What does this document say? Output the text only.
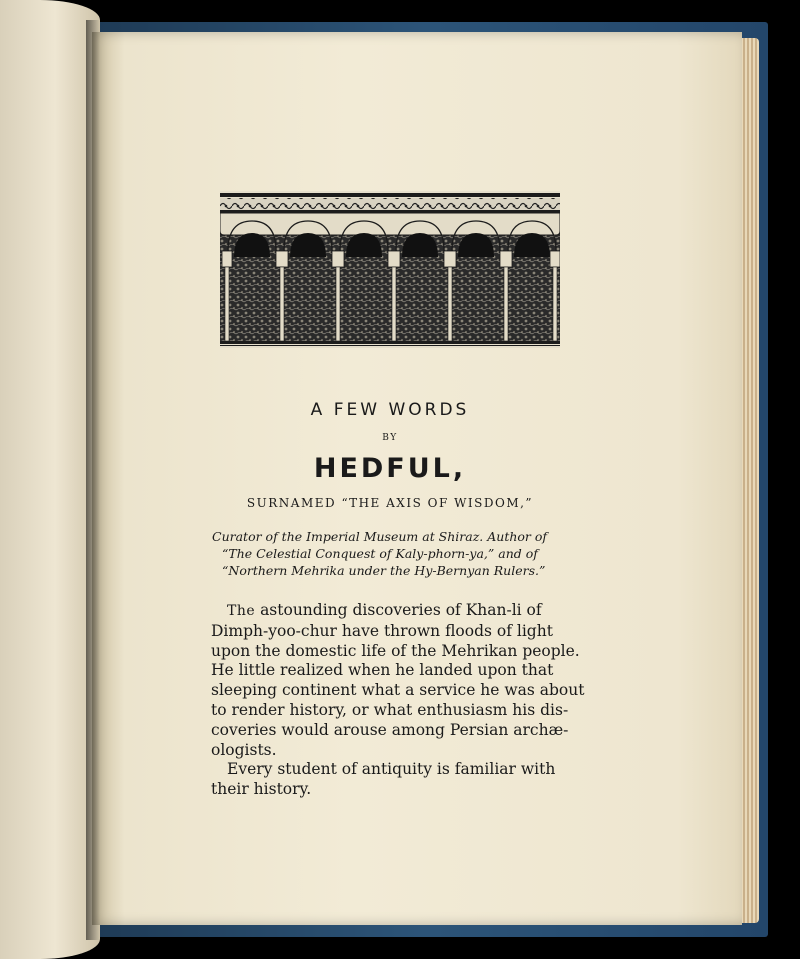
A FEW WORDS
BY
HEDFUL,
SURNAMED “THE AXIS OF WISDOM,”
Curator of the Imperial Museum at Shiraz. Author of
“The Celestial Conquest of Kaly-phorn-ya,” and of
“Northern Mehrika under the Hy-Bernyan Rulers.”

The astounding discoveries of Khan-li of
Dimph-yoo-chur have thrown floods of light
upon the domestic life of the Mehrikan people.
He little realized when he landed upon that
sleeping continent what a service he was about
to render history, or what enthusiasm his dis-
coveries would arouse among Persian archæ-
ologists.

Every student of antiquity is familiar with
their history.
